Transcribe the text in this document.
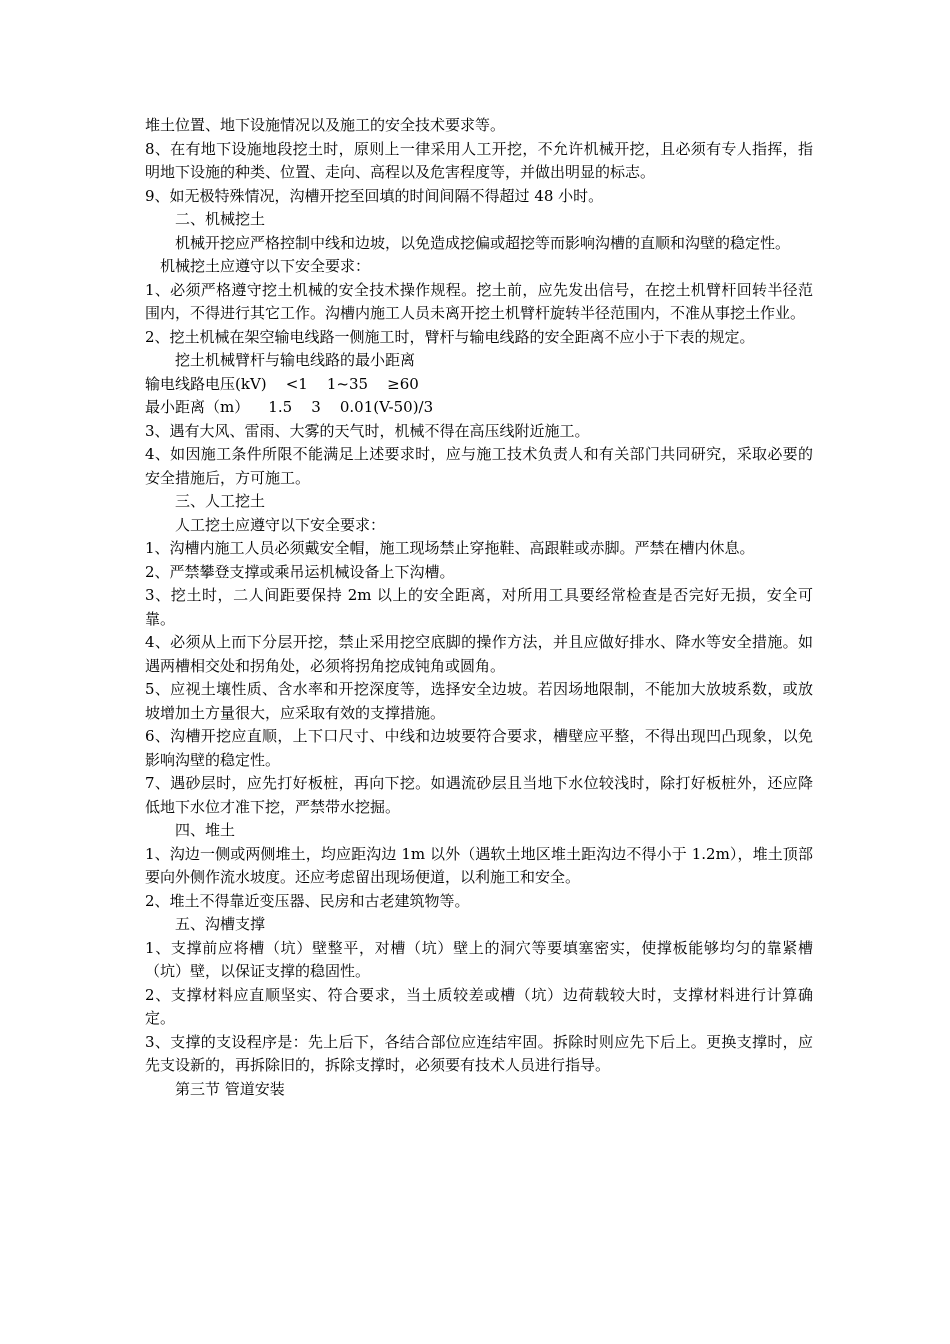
堆土位置、地下设施情况以及施工的安全技术要求等。

8、在有地下设施地段挖土时，原则上一律采用人工开挖，不允许机械开挖，且必须有专人指挥，指明地下设施的种类、位置、走向、高程以及危害程度等，并做出明显的标志。

9、如无极特殊情况，沟槽开挖至回填的时间间隔不得超过 48 小时。

二、机械挖土

机械开挖应严格控制中线和边坡，以免造成挖偏或超挖等而影响沟槽的直顺和沟壁的稳定性。

机械挖土应遵守以下安全要求：

1、必须严格遵守挖土机械的安全技术操作规程。挖土前，应先发出信号，在挖土机臂杆回转半径范围内，不得进行其它工作。沟槽内施工人员未离开挖土机臂杆旋转半径范围内，不准从事挖土作业。

2、挖土机械在架空输电线路一侧施工时，臂杆与输电线路的安全距离不应小于下表的规定。

挖土机械臂杆与输电线路的最小距离

输电线路电压(kV)    <1    1~35    ≥60

最小距离（m）    1.5    3    0.01(V-50)/3

3、遇有大风、雷雨、大雾的天气时，机械不得在高压线附近施工。

4、如因施工条件所限不能满足上述要求时，应与施工技术负责人和有关部门共同研究，采取必要的安全措施后，方可施工。

三、人工挖土

人工挖土应遵守以下安全要求：

1、沟槽内施工人员必须戴安全帽，施工现场禁止穿拖鞋、高跟鞋或赤脚。严禁在槽内休息。

2、严禁攀登支撑或乘吊运机械设备上下沟槽。

3、挖土时，二人间距要保持 2m 以上的安全距离，对所用工具要经常检查是否完好无损，安全可靠。

4、必须从上而下分层开挖，禁止采用挖空底脚的操作方法，并且应做好排水、降水等安全措施。如遇两槽相交处和拐角处，必须将拐角挖成钝角或圆角。

5、应视土壤性质、含水率和开挖深度等，选择安全边坡。若因场地限制，不能加大放坡系数，或放坡增加土方量很大，应采取有效的支撑措施。

6、沟槽开挖应直顺，上下口尺寸、中线和边坡要符合要求，槽壁应平整，不得出现凹凸现象，以免影响沟壁的稳定性。

7、遇砂层时，应先打好板桩，再向下挖。如遇流砂层且当地下水位较浅时，除打好板桩外，还应降低地下水位才准下挖，严禁带水挖掘。

四、堆土

1、沟边一侧或两侧堆土，均应距沟边 1m 以外（遇软土地区堆土距沟边不得小于 1.2m），堆土顶部要向外侧作流水坡度。还应考虑留出现场便道，以利施工和安全。

2、堆土不得靠近变压器、民房和古老建筑物等。

五、沟槽支撑

1、支撑前应将槽（坑）壁整平，对槽（坑）壁上的洞穴等要填塞密实，使撑板能够均匀的靠紧槽（坑）壁，以保证支撑的稳固性。

2、支撑材料应直顺坚实、符合要求，当土质较差或槽（坑）边荷载较大时，支撑材料进行计算确定。

3、支撑的支设程序是：先上后下，各结合部位应连结牢固。拆除时则应先下后上。更换支撑时，应先支设新的，再拆除旧的，拆除支撑时，必须要有技术人员进行指导。

第三节 管道安装
